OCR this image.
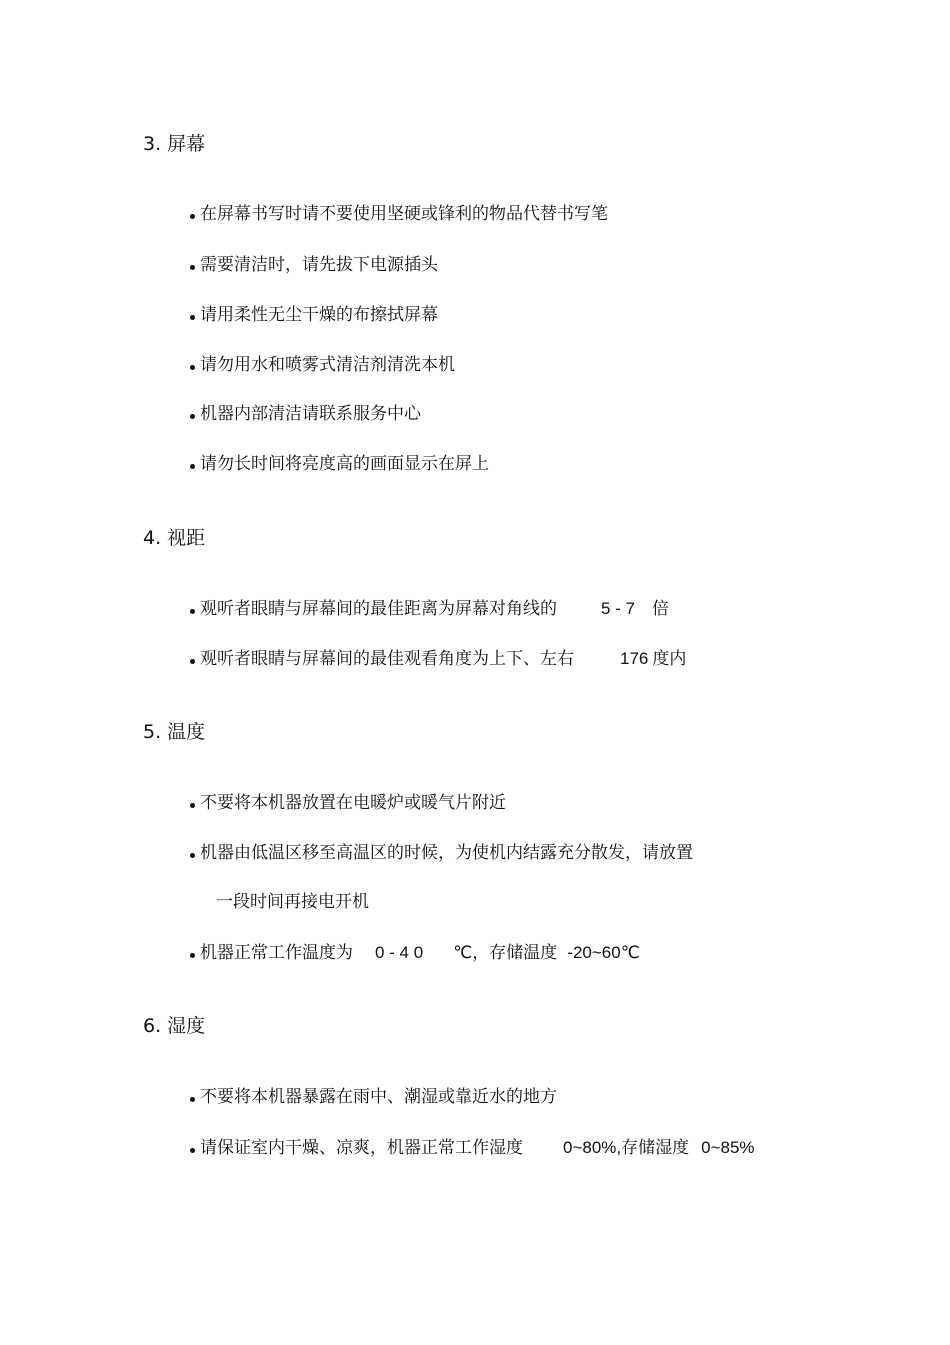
3. 屏幕
在屏幕书写时请不要使用坚硬或锋利的物品代替书写笔
需要清洁时，请先拔下电源插头
请用柔性无尘干燥的布擦拭屏幕
请勿用水和喷雾式清洁剂清洗本机
机器内部清洁请联系服务中心
请勿长时间将亮度高的画面显示在屏上
4. 视距
观听者眼睛与屏幕间的最佳距离为屏幕对角线的	5 - 7 倍
观听者眼睛与屏幕间的最佳观看角度为上下、左右	176 度内
5. 温度
不要将本机器放置在电暖炉或暖气片附近
机器由低温区移至高温区的时候，为使机内结露充分散发，请放置
一段时间再接电开机
机器正常工作温度为 0 - 4 0 ℃，存储温度 -20~60℃
6. 湿度
不要将本机器暴露在雨中、潮湿或靠近水的地方
请保证室内干燥、凉爽，机器正常工作湿度 0~80%,存储湿度 0~85%
